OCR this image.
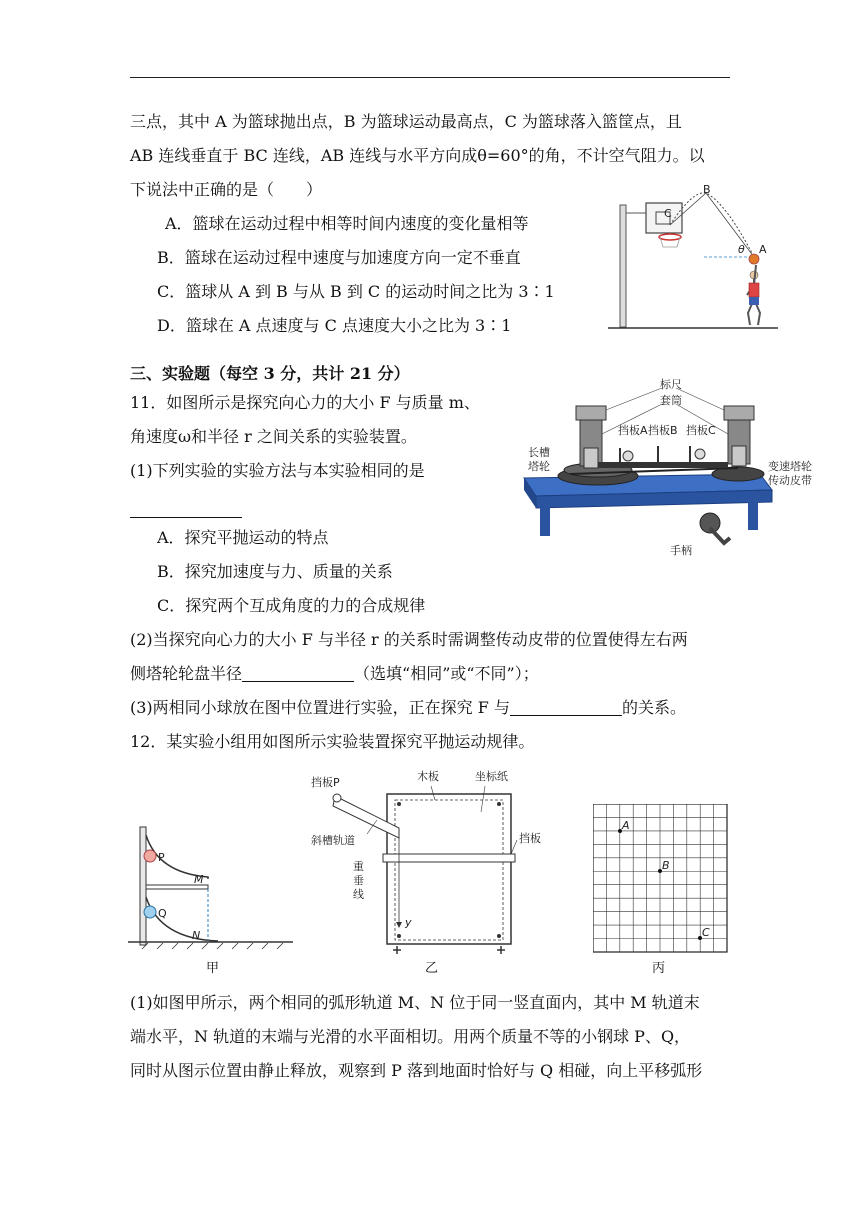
三点，其中 A 为篮球抛出点，B 为篮球运动最高点，C 为篮球落入篮筐点，且
AB 连线垂直于 BC 连线，AB 连线与水平方向成θ=60°的角，不计空气阻力。以
下说法中正确的是（　　）
A．篮球在运动过程中相等时间内速度的变化量相等
B．篮球在运动过程中速度与加速度方向一定不垂直
C．篮球从 A 到 B 与从 B 到 C 的运动时间之比为 3∶1
D．篮球在 A 点速度与 C 点速度大小之比为 3∶1
B
C
A
θ
三、实验题（每空 3 分，共计 21 分）
11．如图所示是探究向心力的大小 F 与质量 m、
角速度ω和半径 r 之间关系的实验装置。
(1)下列实验的实验方法与本实验相同的是
A．探究平抛运动的特点
B．探究加速度与力、质量的关系
C．探究两个互成角度的力的合成规律
(2)当探究向心力的大小 F 与半径 r 的关系时需调整传动皮带的位置使得左右两
侧塔轮轮盘半径	（选填“相同”或“不同”）；
(3)两相同小球放在图中位置进行实验，正在探究 F 与	的关系。
标尺
套筒
挡板A 挡板B 挡板C
长槽
塔轮	变速塔轮
传动皮带
手柄
12．某实验小组用如图所示实验装置探究平抛运动规律。
P
Q
M
N
甲
挡板P	木板	坐标纸
斜槽轨道	挡板
重
垂
线
y
乙
A
B
C
丙
(1)如图甲所示，两个相同的弧形轨道 M、N 位于同一竖直面内，其中 M 轨道末
端水平，N 轨道的末端与光滑的水平面相切。用两个质量不等的小钢球 P、Q，
同时从图示位置由静止释放，观察到 P 落到地面时恰好与 Q 相碰，向上平移弧形
